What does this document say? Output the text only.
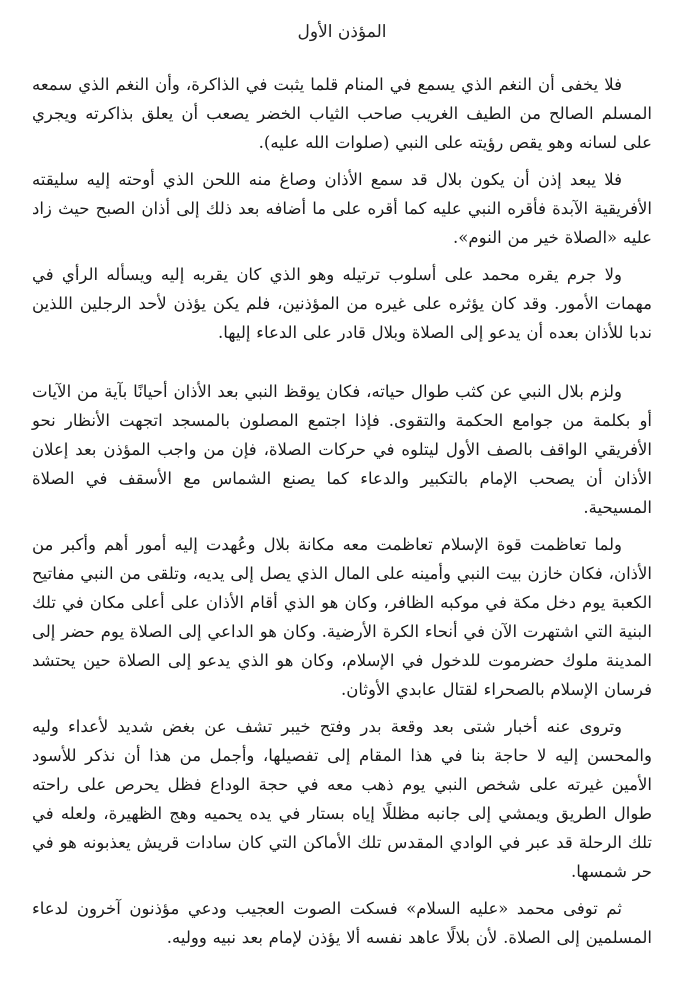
المؤذن الأول

فلا يخفى أن النغم الذي يسمع في المنام قلما يثبت في الذاكرة، وأن النغم الذي سمعه المسلم الصالح من الطيف الغريب صاحب الثياب الخضر يصعب أن يعلق بذاكرته ويجري على لسانه وهو يقص رؤيته على النبي (صلوات الله عليه).

فلا يبعد إذن أن يكون بلال قد سمع الأذان وصاغ منه اللحن الذي أوحته إليه سليقته الأفريقية الآبدة فأقره النبي عليه كما أقره على ما أضافه بعد ذلك إلى أذان الصبح حيث زاد عليه «الصلاة خير من النوم».

ولا جرم يقره محمد على أسلوب ترتيله وهو الذي كان يقربه إليه ويسأله الرأي في مهمات الأمور. وقد كان يؤثره على غيره من المؤذنين، فلم يكن يؤذن لأحد الرجلين اللذين ندبا للأذان بعده أن يدعو إلى الصلاة وبلال قادر على الدعاء إليها.

ولزم بلال النبي عن كثب طوال حياته، فكان يوقظ النبي بعد الأذان أحيانًا بآية من الآيات أو بكلمة من جوامع الحكمة والتقوى. فإذا اجتمع المصلون بالمسجد اتجهت الأنظار نحو الأفريقي الواقف بالصف الأول ليتلوه في حركات الصلاة، فإن من واجب المؤذن بعد إعلان الأذان أن يصحب الإمام بالتكبير والدعاء كما يصنع الشماس مع الأسقف في الصلاة المسيحية.

ولما تعاظمت قوة الإسلام تعاظمت معه مكانة بلال وعُهدت إليه أمور أهم وأكبر من الأذان، فكان خازن بيت النبي وأمينه على المال الذي يصل إلى يديه، وتلقى من النبي مفاتيح الكعبة يوم دخل مكة في موكبه الظافر، وكان هو الذي أقام الأذان على أعلى مكان في تلك البنية التي اشتهرت الآن في أنحاء الكرة الأرضية. وكان هو الداعي إلى الصلاة يوم حضر إلى المدينة ملوك حضرموت للدخول في الإسلام، وكان هو الذي يدعو إلى الصلاة حين يحتشد فرسان الإسلام بالصحراء لقتال عابدي الأوثان.

وتروى عنه أخبار شتى بعد وقعة بدر وفتح خيبر تشف عن بغض شديد لأعداء وليه والمحسن إليه لا حاجة بنا في هذا المقام إلى تفصيلها، وأجمل من هذا أن نذكر للأسود الأمين غيرته على شخص النبي يوم ذهب معه في حجة الوداع فظل يحرص على راحته طوال الطريق ويمشي إلى جانبه مظللًا إياه بستار في يده يحميه وهج الظهيرة، ولعله في تلك الرحلة قد عبر في الوادي المقدس تلك الأماكن التي كان سادات قريش يعذبونه هو في حر شمسها.

ثم توفى محمد «عليه السلام» فسكت الصوت العجيب ودعي مؤذنون آخرون لدعاء المسلمين إلى الصلاة. لأن بلالًا عاهد نفسه ألا يؤذن لإمام بعد نبيه ووليه.
